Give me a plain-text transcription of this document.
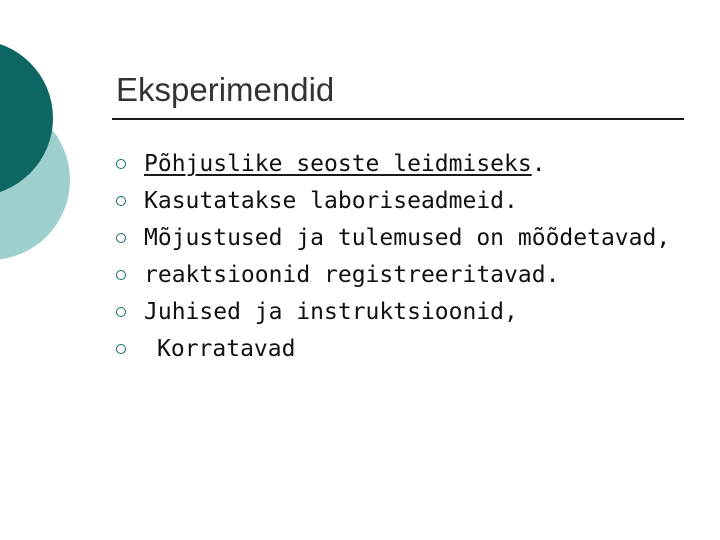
Eksperimendid
Põhjuslike seoste leidmiseks.
Kasutatakse laboriseadmeid.
Mõjustused ja tulemused on mõõdetavad,
reaktsioonid registreeritavad.
Juhised ja instruktsioonid,
Korratavad
